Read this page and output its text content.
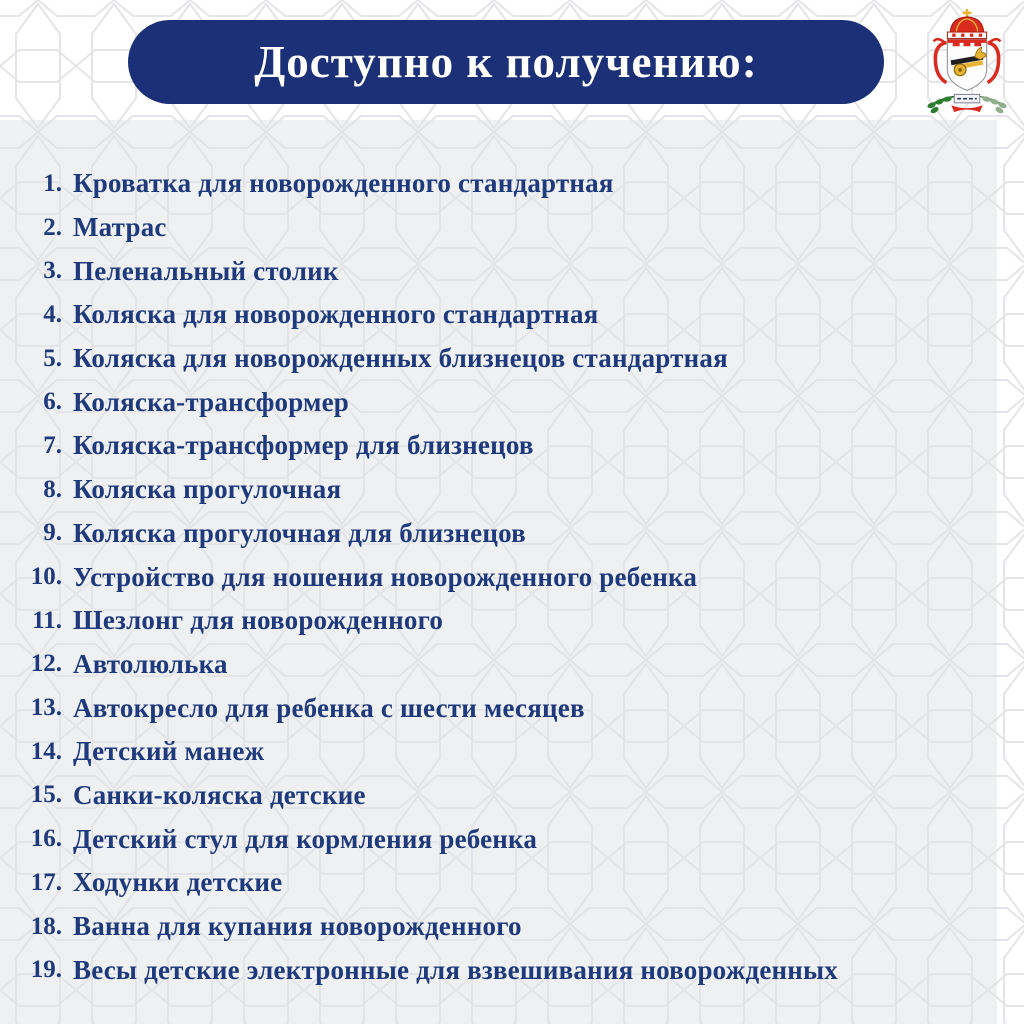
Доступно к получению:
1. Кроватка для новорожденного стандартная
2. Матрас
3. Пеленальный столик
4. Коляска для новорожденного стандартная
5. Коляска для новорожденных близнецов стандартная
6. Коляска-трансформер
7. Коляска-трансформер для близнецов
8. Коляска прогулочная
9. Коляска прогулочная для близнецов
10. Устройство для ношения новорожденного ребенка
11. Шезлонг для новорожденного
12. Автолюлька
13. Автокресло для ребенка с шести месяцев
14. Детский манеж
15. Санки-коляска детские
16. Детский стул для кормления ребенка
17. Ходунки детские
18. Ванна для купания новорожденного
19. Весы детские электронные для взвешивания новорожденных
